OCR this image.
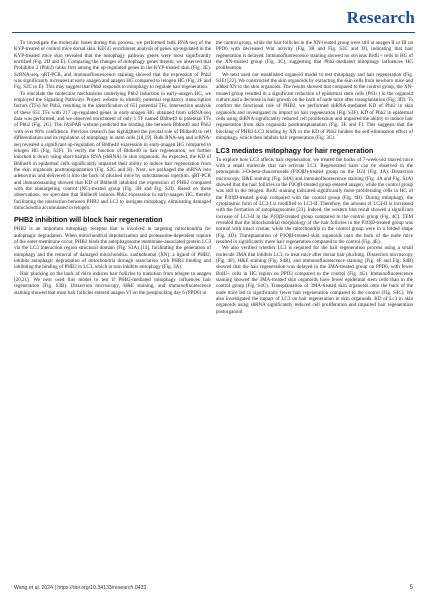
Research

To investigate the molecular bases during this process, we performed bulk RNA-seq of the KYP-treated or control mice dorsal skin. KEGG enrichment analysis of genes up-regulated in the KYP-treated mice skin revealed that the mitophagy pathway genes were most significantly enriched (Fig. 2D and E). Comparing the changes of mitophagy genes therein, we observed that Prohibitin 2 (Phb2) ranks first among the up-regulated genes in the KYP-treated skin (Fig. 2E). ScRNA-seq, qRT-PCR, and immunofluorescence staining showed that the expression of Phb2 was significantly increased at early anagen and anagen HG compared to telogen HG (Fig. 2F and Fig. S2C to E). This may suggest that Phb2 responds to mitophagy to regulate hair regeneration.

To elucidate the molecular mechanisms underlying Phb2 induction in early-anagen HG, we employed the Signaling Pathways Project website to identify potential regulatory transcription factors (TFs) for Phb2, resulting in the identification of 651 potential TFs. Intersection analysis of these 651 TFs with 217 up-regulated genes in early-anagen HG obtained from scRNA-seq data was performed, and we observed enrichment of only 1 TF named Bhlhe40 in potential TFs of Phb2 (Fig. 2G). The JASPAR website predicted the binding site between Bhlhe40 and Phb2 with over 80% confidence. Previous research has highlighted the pivotal role of Bhlhe40 in cell differentiation and its regulation of mitophagy in stem cells [18,19]. Bulk RNA-seq and scRNA-seq revealed a significant up-regulation of Bhlhe40 expression in early-anagen HG compared to telogen HG (Fig. S2F). To verify the function of Bhlhe40 in hair regeneration, we further knocked it down using short-hairpin RNA (shRNA) in skin organoids. As expected, the KD of Bhlhe40 in epidermal cells significantly impaired their ability to induce hair regeneration from the skin organoids posttransplantation (Fig. S2G and H). Next, we packaged the shRNA into adenovirus and delivered it into the back of plucked mice by subcutaneous injection. qRT-PCR and immunostaining showed that KD of Bhlhe40 inhibited the expression of PHB2 compared with the nontargeting control (NC)-treated group (Fig. 2H and Fig. S2I). Based on these observations, we speculate that Bhlhe40 induces Phb2 expression in early-anagen HG, thereby facilitating the interaction between PHB2 and LC3 to instigate mitophagy, eliminating damaged mitochondria accumulated in telogen.

PHB2 inhibition will block hair regeneration

PHB2 is an important mitophagy receptor that is involved in targeting mitochondria for autophagic degradation. When mitochondrial depolarization and proteasome-dependent rupture of the outer membrane occur, PHB2 binds the autophagosome membrane-associated protein LC3 via the LC3 interaction region structural domain (Fig. S3A) [14], facilitating the generation of mitophagy and the removal of damaged mitochondria. xanthohumol (XN), a ligand of PHB2, inhibits autophagic degradation of mitochondria through association with PHB2 binding and inhibiting the binding of PHB2 to LC3, which in turn inhibits mitophagy (Fig. 3A).

Hair plucking on the back of mice induces hair follicles to transition from telogen to anagen [20,21]. We next used this model to test if PHB2-mediated mitophagy influences hair regeneration (Fig. S3B). Dissection microscopy, H&E staining, and immunofluorescence staining showed that most hair follicles entered anagen VI on the postplucking day 6 (PPD6) in

the control group, while the hair follicles in the XN-treated group were still at anagen II or III on PPD6 with decreased Wnt activity (Fig. 3B and Fig. S3C and D), indicating that hair regeneration is delayed. Immunofluorescence staining showed no obvious BrdU+ cells in HG of the XN-treated group (Fig. 3C), suggesting that Phb2-mediated mitophagy influences HG proliferation.

We next used our established organoid model to test mitophagy and hair regeneration (Fig. S3E) [22]. We constructed the skin organoids by extracting the skin cells from newborn mice and added XN to the skin organoids. The results showed that compared to the control group, the XN-treated group resulted in a significant reduction of epidermal stem cells (P63+) in the organoid culture and a decrease in hair growth on the back of nude mice after transplantation (Fig. 3D). To confirm the functional role of PHB2, we performed shRNA-mediated KD of Phb2 in skin organoids and investigated its impact on hair regeneration (Fig. S3F). KD of Phb2 in epidermal cells using shRNA significantly reduced cell proliferation and impaired the ability to induce hair regeneration from skin organoids posttransplantation (Fig. 3E and F). This suggests that the blocking of PHB2-LC3 binding by XN or the KD of Phb2 hinders the self-elimination effect of mitophagy, which then inhibits hair regeneration (Fig. 3G).

LC3 mediates mitophagy for hair regeneration

To explore how LC3 affects hair regeneration, we treated the backs of 7-week-old shaved mice with a small molecule that can activate LC3. Regenerated hairs can be observed in the pennogenin 3-O-beta-chacotrioside (P3OβJ)-treated group on the D24 (Fig. 4A). Dissection microscopy, H&E staining (Fig. S4A) and immunofluorescence staining (Fig. 4A and Fig. S4A) showed that the hair follicles in the P3OβJ-treated group entered anagen, while the control group was still in the telogen. BrdU staining indicated significantly more proliferating cells in HG of the P3OβJ-treated group compared with the control group (Fig. 4B). During mitophagy, the cytoplasmic form of LC3-I is modified to LC3-II. Therefore, the amount of LC3-II is increased with the formation of autophagosomes [23]. Indeed, the western blot result showed a significant increase of LC3-II in the P3OβJ-treated group compared to the control group (Fig. 4C). TEM revealed that the mitochondrial morphology of the hair follicles in the P3OβJ-treated group was normal with intact cristae, while the mitochondria in the control group were in a folded shape (Fig. 4D). Transplantation of P3OβJ-treated skin organoids onto the back of the nude mice resulted in significantly more hair regeneration compared to the control (Fig. 4E).

We also verified whether LC3 is required for the hair regeneration process using a small molecule 3MA that inhibits LC3, to treat mice after dorsal hair plucking. Dissection microscopy (Fig. 4F), H&E staining (Fig. S4B), and immunofluorescence staining (Fig. 4F and Fig. S4B) showed that the hair regeneration was delayed in the 3MA-treated group on PPD6, with fewer BrdU+ cells in HG region on PPD3 compared to the control (Fig. 4G). Immunofluorescence staining showed the 3MA-treated skin organoids have fewer epidermal stem cells than in the control group (Fig. S4C). Transplantation of 3MA-treated skin organoids onto the back of the nude mice led to significantly fewer hair regeneration compared to the control (Fig. S4C). We also investigated the impact of LC3 on hair regeneration in skin organoids. KD of Lc3 in skin organoids using shRNA significantly reduced cell proliferation and impaired hair regeneration postorganoid

Wang et al. 2024 | https://doi.org/10.34133/research.0433	5
